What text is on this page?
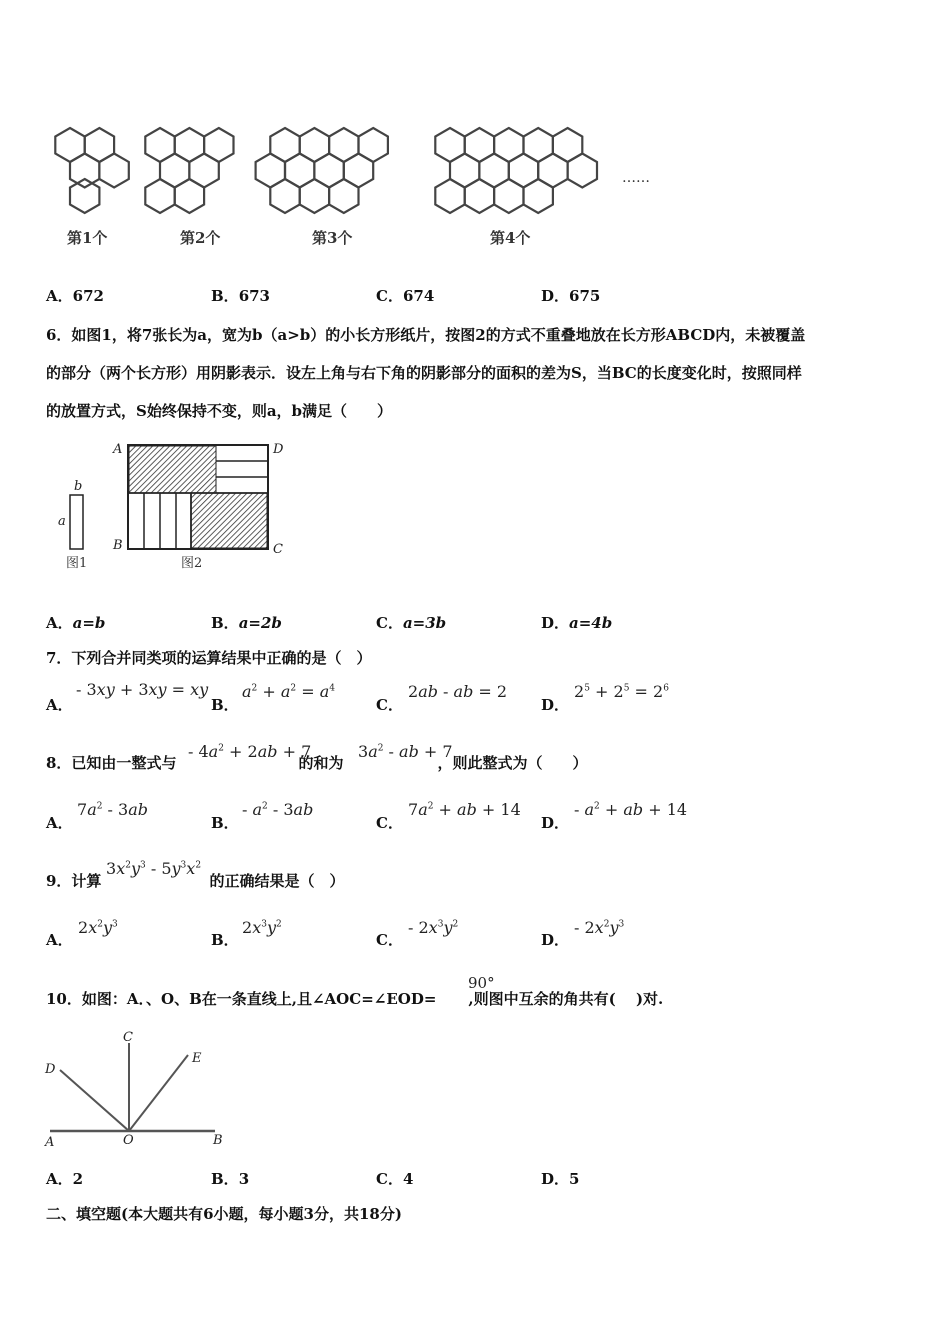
第1个	第2个	第3个	第4个
……
A．672	B．673	C．674	D．675
6．如图1，将7张长为a，宽为b（a>b）的小长方形纸片，按图2的方式不重叠地放在长方形ABCD内，未被覆盖
的部分（两个长方形）用阴影表示．设左上角与右下角的阴影部分的面积的差为S，当BC的长度变化时，按照同样
的放置方式，S始终保持不变，则a，b满足（　　）
b
a
图1
A	D
B	C
图2
A．a=b	B．a=2b	C．a=3b	D．a=4b
7．下列合并同类项的运算结果中正确的是（　）
A．
- 3xy + 3xy = xy
B．
$a^2 + a^2 = a^4$
C．
2ab - ab = 2
D．
$2^5 + 2^5 = 2^6$
8．已知由一整式与	的和为	，则此整式为（　　）
- $4a^2 + 2ab + 7$	$3a^2$ - ab + 7
A．
$7a^2 - 3ab$
B．
- $a^2 - 3ab$
C．
$7a^2$ + ab + 14
D．
- $a^2$ + ab + 14
9．计算	的正确结果是（　）
$3x^2y^3 - 5y^3x^2$
A．
$2x^2y^3$
B．
$2x^3y^2$
C．
- $2x^3y^2$
D．
- $2x^2y^3$
10．如图：A．、O、B在一条直线上,且∠AOC=∠EOD= ,则图中互余的角共有(　 )对.
90°
C
D
E
A	O	B
A．2	B．3	C．4	D．5
二、填空题(本大题共有6小题，每小题3分，共18分)
